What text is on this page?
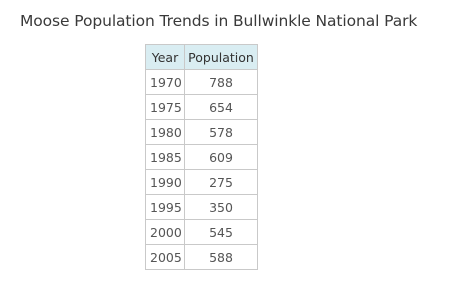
Moose Population Trends in Bullwinkle National Park
Year	Population
1970	788
1975	654
1980	578
1985	609
1990	275
1995	350
2000	545
2005	588
